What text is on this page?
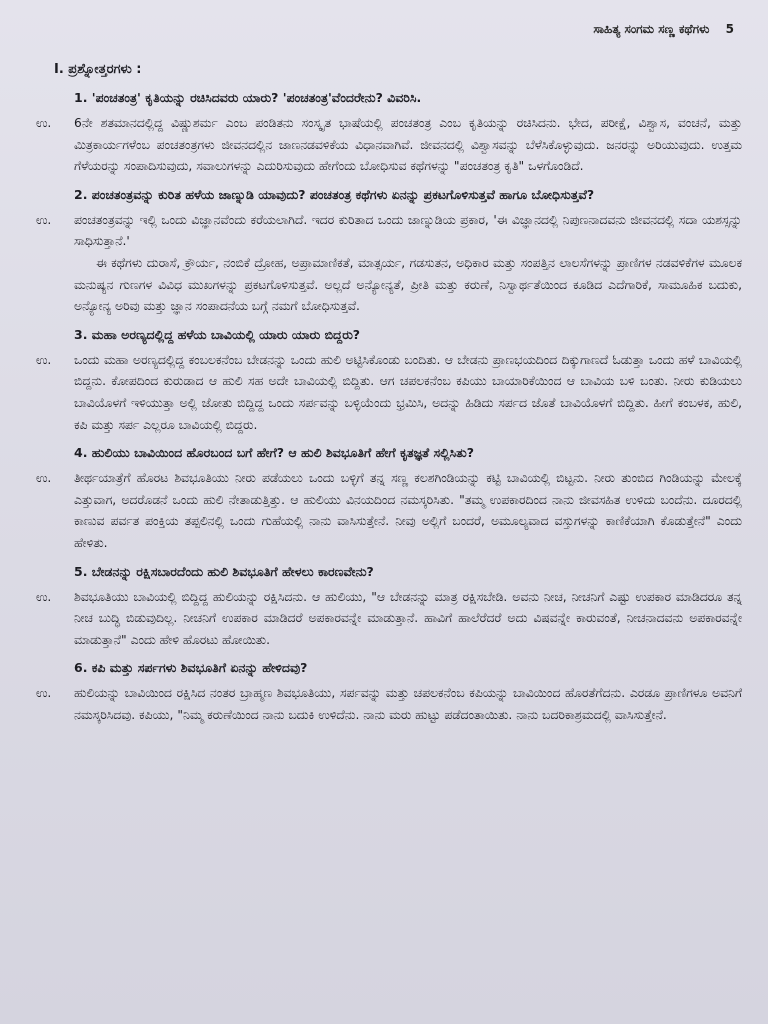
ಸಾಹಿತ್ಯ ಸಂಗಮ ಸಣ್ಣ ಕಥೆಗಳು 5
I. ಪ್ರಶ್ನೋತ್ತರಗಳು :
1. 'ಪಂಚತಂತ್ರ' ಕೃತಿಯನ್ನು ರಚಿಸಿದವರು ಯಾರು? 'ಪಂಚತಂತ್ರ'ವೆಂದರೇನು? ವಿವರಿಸಿ.
ಉ. 6ನೇ ಶತಮಾನದಲ್ಲಿದ್ದ ವಿಷ್ಣುಶರ್ಮ ಎಂಬ ಪಂಡಿತನು ಸಂಸ್ಕೃತ ಭಾಷೆಯಲ್ಲಿ ಪಂಚತಂತ್ರ ಎಂಬ ಕೃತಿಯನ್ನು ರಚಿಸಿದನು. ಭೇದ, ಪರೀಕ್ಷೆ, ವಿಶ್ವಾಸ, ವಂಚನೆ, ಮತ್ತು ಮಿತ್ರಕಾರ್ಯಗಳೆಂಬ ಪಂಚತಂತ್ರಗಳು ಜೀವನದಲ್ಲಿನ ಜಾಣನಡವಳಿಕೆಯ ವಿಧಾನವಾಗಿವೆ. ಜೀವನದಲ್ಲಿ ವಿಶ್ವಾಸವನ್ನು ಬೆಳೆಸಿಕೊಳ್ಳುವುದು. ಜನರನ್ನು ಅರಿಯುವುದು. ಉತ್ತಮ ಗೆಳೆಯರನ್ನು ಸಂಪಾದಿಸುವುದು, ಸವಾಲುಗಳನ್ನು ಎದುರಿಸುವುದು ಹೇಗೆಂದು ಬೋಧಿಸುವ ಕಥೆಗಳನ್ನು "ಪಂಚತಂತ್ರ ಕೃತಿ" ಒಳಗೊಂಡಿದೆ.

2. ಪಂಚತಂತ್ರವನ್ನು ಕುರಿತ ಹಳೆಯ ಜಾಣ್ನುಡಿ ಯಾವುದು? ಪಂಚತಂತ್ರ ಕಥೆಗಳು ಏನನ್ನು ಪ್ರಕಟಗೊಳಿಸುತ್ತವೆ ಹಾಗೂ ಬೋಧಿಸುತ್ತವೆ?
ಉ. ಪಂಚತಂತ್ರವನ್ನು ಇಲ್ಲಿ ಒಂದು ವಿಜ್ಞಾನವೆಂದು ಕರೆಯಲಾಗಿದೆ. ಇದರ ಕುರಿತಾದ ಒಂದು ಜಾಣ್ನುಡಿಯ ಪ್ರಕಾರ, 'ಈ ವಿಜ್ಞಾನದಲ್ಲಿ ನಿಪುಣನಾದವನು ಜೀವನದಲ್ಲಿ ಸದಾ ಯಶಸ್ಸನ್ನು ಸಾಧಿಸುತ್ತಾನೆ.'

ಈ ಕಥೆಗಳು ದುರಾಸೆ, ಕ್ರೌರ್ಯ, ನಂಬಿಕೆ ದ್ರೋಹ, ಅಪ್ರಾಮಾಣಿಕತೆ, ಮಾತ್ಸರ್ಯ, ಗಡಸುತನ, ಅಧಿಕಾರ ಮತ್ತು ಸಂಪತ್ತಿನ ಲಾಲಸೆಗಳನ್ನು ಪ್ರಾಣಿಗಳ ನಡವಳಿಕೆಗಳ ಮೂಲಕ ಮನುಷ್ಯನ ಗುಣಗಳ ವಿವಿಧ ಮುಖಗಳನ್ನು ಪ್ರಕಟಗೊಳಿಸುತ್ತವೆ. ಅಲ್ಲದೆ ಅನ್ಯೋನ್ಯತೆ, ಪ್ರೀತಿ ಮತ್ತು ಕರುಣೆ, ನಿಸ್ವಾರ್ಥತೆಯಿಂದ ಕೂಡಿದ ಎದೆಗಾರಿಕೆ, ಸಾಮೂಹಿಕ ಬದುಕು, ಅನ್ಯೋನ್ಯ ಅರಿವು ಮತ್ತು ಜ್ಞಾನ ಸಂಪಾದನೆಯ ಬಗ್ಗೆ ನಮಗೆ ಬೋಧಿಸುತ್ತವೆ.

3. ಮಹಾ ಅರಣ್ಯದಲ್ಲಿದ್ದ ಹಳೆಯ ಬಾವಿಯಲ್ಲಿ ಯಾರು ಯಾರು ಬಿದ್ದರು?
ಉ. ಒಂದು ಮಹಾ ಅರಣ್ಯದಲ್ಲಿದ್ದ ಕಂಬಲಕನೆಂಬ ಬೇಡನನ್ನು ಒಂದು ಹುಲಿ ಅಟ್ಟಿಸಿಕೊಂಡು ಬಂದಿತು. ಆ ಬೇಡನು ಪ್ರಾಣಭಯದಿಂದ ದಿಕ್ಕುಗಾಣದೆ ಓಡುತ್ತಾ ಒಂದು ಹಳೆ ಬಾವಿಯಲ್ಲಿ ಬಿದ್ದನು. ಕೋಪದಿಂದ ಕುರುಡಾದ ಆ ಹುಲಿ ಸಹ ಅದೇ ಬಾವಿಯಲ್ಲಿ ಬಿದ್ದಿತು. ಆಗ ಚಪಲಕನೆಂಬ ಕಪಿಯು ಬಾಯಾರಿಕೆಯಿಂದ ಆ ಬಾವಿಯ ಬಳಿ ಬಂತು. ನೀರು ಕುಡಿಯಲು ಬಾವಿಯೊಳಗೆ ಇಳಿಯುತ್ತಾ ಅಲ್ಲಿ ಜೋತು ಬಿದ್ದಿದ್ದ ಒಂದು ಸರ್ಪವನ್ನು ಬಳ್ಳಿಯೆಂದು ಭ್ರಮಿಸಿ, ಅದನ್ನು ಹಿಡಿದು ಸರ್ಪದ ಜೊತೆ ಬಾವಿಯೊಳಗೆ ಬಿದ್ದಿತು. ಹೀಗೆ ಕಂಬಳಕ, ಹುಲಿ, ಕಪಿ ಮತ್ತು ಸರ್ಪ ಎಲ್ಲರೂ ಬಾವಿಯಲ್ಲಿ ಬಿದ್ದರು.

4. ಹುಲಿಯು ಬಾವಿಯಿಂದ ಹೊರಬಂದ ಬಗೆ ಹೇಗೆ? ಆ ಹುಲಿ ಶಿವಭೂತಿಗೆ ಹೇಗೆ ಕೃತಜ್ಞತೆ ಸಲ್ಲಿಸಿತು?
ಉ. ತೀರ್ಥಯಾತ್ರೆಗೆ ಹೊರಟ ಶಿವಭೂತಿಯು ನೀರು ಪಡೆಯಲು ಒಂದು ಬಳ್ಳಿಗೆ ತನ್ನ ಸಣ್ಣ ಕಲಶಗಿಂಡಿಯನ್ನು ಕಟ್ಟಿ ಬಾವಿಯಲ್ಲಿ ಬಿಟ್ಟನು. ನೀರು ತುಂಬಿದ ಗಿಂಡಿಯನ್ನು ಮೇಲಕ್ಕೆ ಎತ್ತುವಾಗ, ಅದರೊಡನೆ ಒಂದು ಹುಲಿ ನೇತಾಡುತ್ತಿತ್ತು. ಆ ಹುಲಿಯು ವಿನಯದಿಂದ ನಮಸ್ಕರಿಸಿತು. "ತಮ್ಮ ಉಪಕಾರದಿಂದ ನಾನು ಜೀವಸಹಿತ ಉಳಿದು ಬಂದೆನು. ದೂರದಲ್ಲಿ ಕಾಣುವ ಪರ್ವತ ಪಂಕ್ತಿಯ ತಪ್ಪಲಿನಲ್ಲಿ ಒಂದು ಗುಹೆಯಲ್ಲಿ ನಾನು ವಾಸಿಸುತ್ತೇನೆ. ನೀವು ಅಲ್ಲಿಗೆ ಬಂದರೆ, ಅಮೂಲ್ಯವಾದ ವಸ್ತುಗಳನ್ನು ಕಾಣಿಕೆಯಾಗಿ ಕೊಡುತ್ತೇನೆ" ಎಂದು ಹೇಳಿತು.

5. ಬೇಡನನ್ನು ರಕ್ಷಿಸಬಾರದೆಂದು ಹುಲಿ ಶಿವಭೂತಿಗೆ ಹೇಳಲು ಕಾರಣವೇನು?
ಉ. ಶಿವಭೂತಿಯು ಬಾವಿಯಲ್ಲಿ ಬಿದ್ದಿದ್ದ ಹುಲಿಯನ್ನು ರಕ್ಷಿಸಿದನು. ಆ ಹುಲಿಯು, "ಆ ಬೇಡನನ್ನು ಮಾತ್ರ ರಕ್ಷಿಸಬೇಡಿ. ಅವನು ನೀಚ, ನೀಚನಿಗೆ ಎಷ್ಟು ಉಪಕಾರ ಮಾಡಿದರೂ ತನ್ನ ನೀಚ ಬುದ್ಧಿ ಬಿಡುವುದಿಲ್ಲ. ನೀಚನಿಗೆ ಉಪಕಾರ ಮಾಡಿದರೆ ಅಪಕಾರವನ್ನೇ ಮಾಡುತ್ತಾನೆ. ಹಾವಿಗೆ ಹಾಲೆರೆದರೆ ಅದು ವಿಷವನ್ನೇ ಕಾರುವಂತೆ, ನೀಚನಾದವನು ಅಪಕಾರವನ್ನೇ ಮಾಡುತ್ತಾನೆ" ಎಂದು ಹೇಳಿ ಹೊರಟು ಹೋಯಿತು.

6. ಕಪಿ ಮತ್ತು ಸರ್ಪಗಳು ಶಿವಭೂತಿಗೆ ಏನನ್ನು ಹೇಳಿದವು?
ಉ. ಹುಲಿಯನ್ನು ಬಾವಿಯಿಂದ ರಕ್ಷಿಸಿದ ನಂತರ ಬ್ರಾಹ್ಮಣ ಶಿವಭೂತಿಯು, ಸರ್ಪವನ್ನು ಮತ್ತು ಚಪಲಕನೆಂಬ ಕಪಿಯನ್ನು ಬಾವಿಯಿಂದ ಹೊರತೆಗೆದನು. ಎರಡೂ ಪ್ರಾಣಿಗಳೂ ಅವನಿಗೆ ನಮಸ್ಕರಿಸಿದವು. ಕಪಿಯು, "ನಿಮ್ಮ ಕರುಣೆಯಿಂದ ನಾನು ಬದುಕಿ ಉಳಿದೆನು. ನಾನು ಮರು ಹುಟ್ಟು ಪಡೆದಂತಾಯಿತು. ನಾನು ಬದರಿಕಾಶ್ರಮದಲ್ಲಿ ವಾಸಿಸುತ್ತೇನೆ.
